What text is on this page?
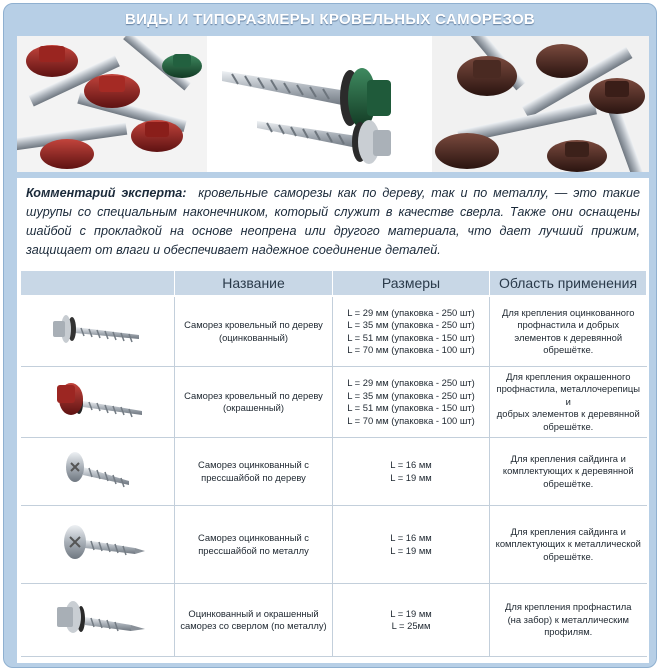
ВИДЫ И ТИПОРАЗМЕРЫ КРОВЕЛЬНЫХ САМОРЕЗОВ
Комментарий эксперта: кровельные саморезы как по дереву, так и по металлу, — это такие шурупы со специальным наконечником, который служит в качестве сверла. Также они оснащены шайбой с прокладкой на основе неопрена или другого материала, что дает лучший прижим, защищает от влаги и обеспечивает надежное соединение деталей.
	Название	Размеры	Область применения

Саморез кровельный по дереву
(оцинкованный)	L = 29 мм (упаковка - 250 шт)
L = 35 мм (упаковка - 250 шт)
L = 51 мм (упаковка - 150 шт)
L = 70 мм (упаковка - 100 шт)	Для крепления оцинкованного
профнастила и добрых
элементов к деревянной
обрешётке.

Саморез кровельный по дереву
(окрашенный)	L = 29 мм (упаковка - 250 шт)
L = 35 мм (упаковка - 250 шт)
L = 51 мм (упаковка - 150 шт)
L = 70 мм (упаковка - 100 шт)	Для крепления окрашенного
профнастила, металлочерепицы и
добрых элементов к деревянной
обрешётке.

Саморез оцинкованный с
прессшайбой по дереву	L = 16 мм
L = 19 мм	Для крепления сайдинга и
комплектующих к деревянной
обрешётке.

Саморез оцинкованный с
прессшайбой по металлу	L = 16 мм
L = 19 мм	Для крепления сайдинга и
комплектующих к металлической
обрешётке.

Оцинкованный и окрашенный
саморез со сверлом (по металлу)	L = 19 мм
L = 25мм	Для крепления профнастила
(на забор) к металлическим
профилям.
